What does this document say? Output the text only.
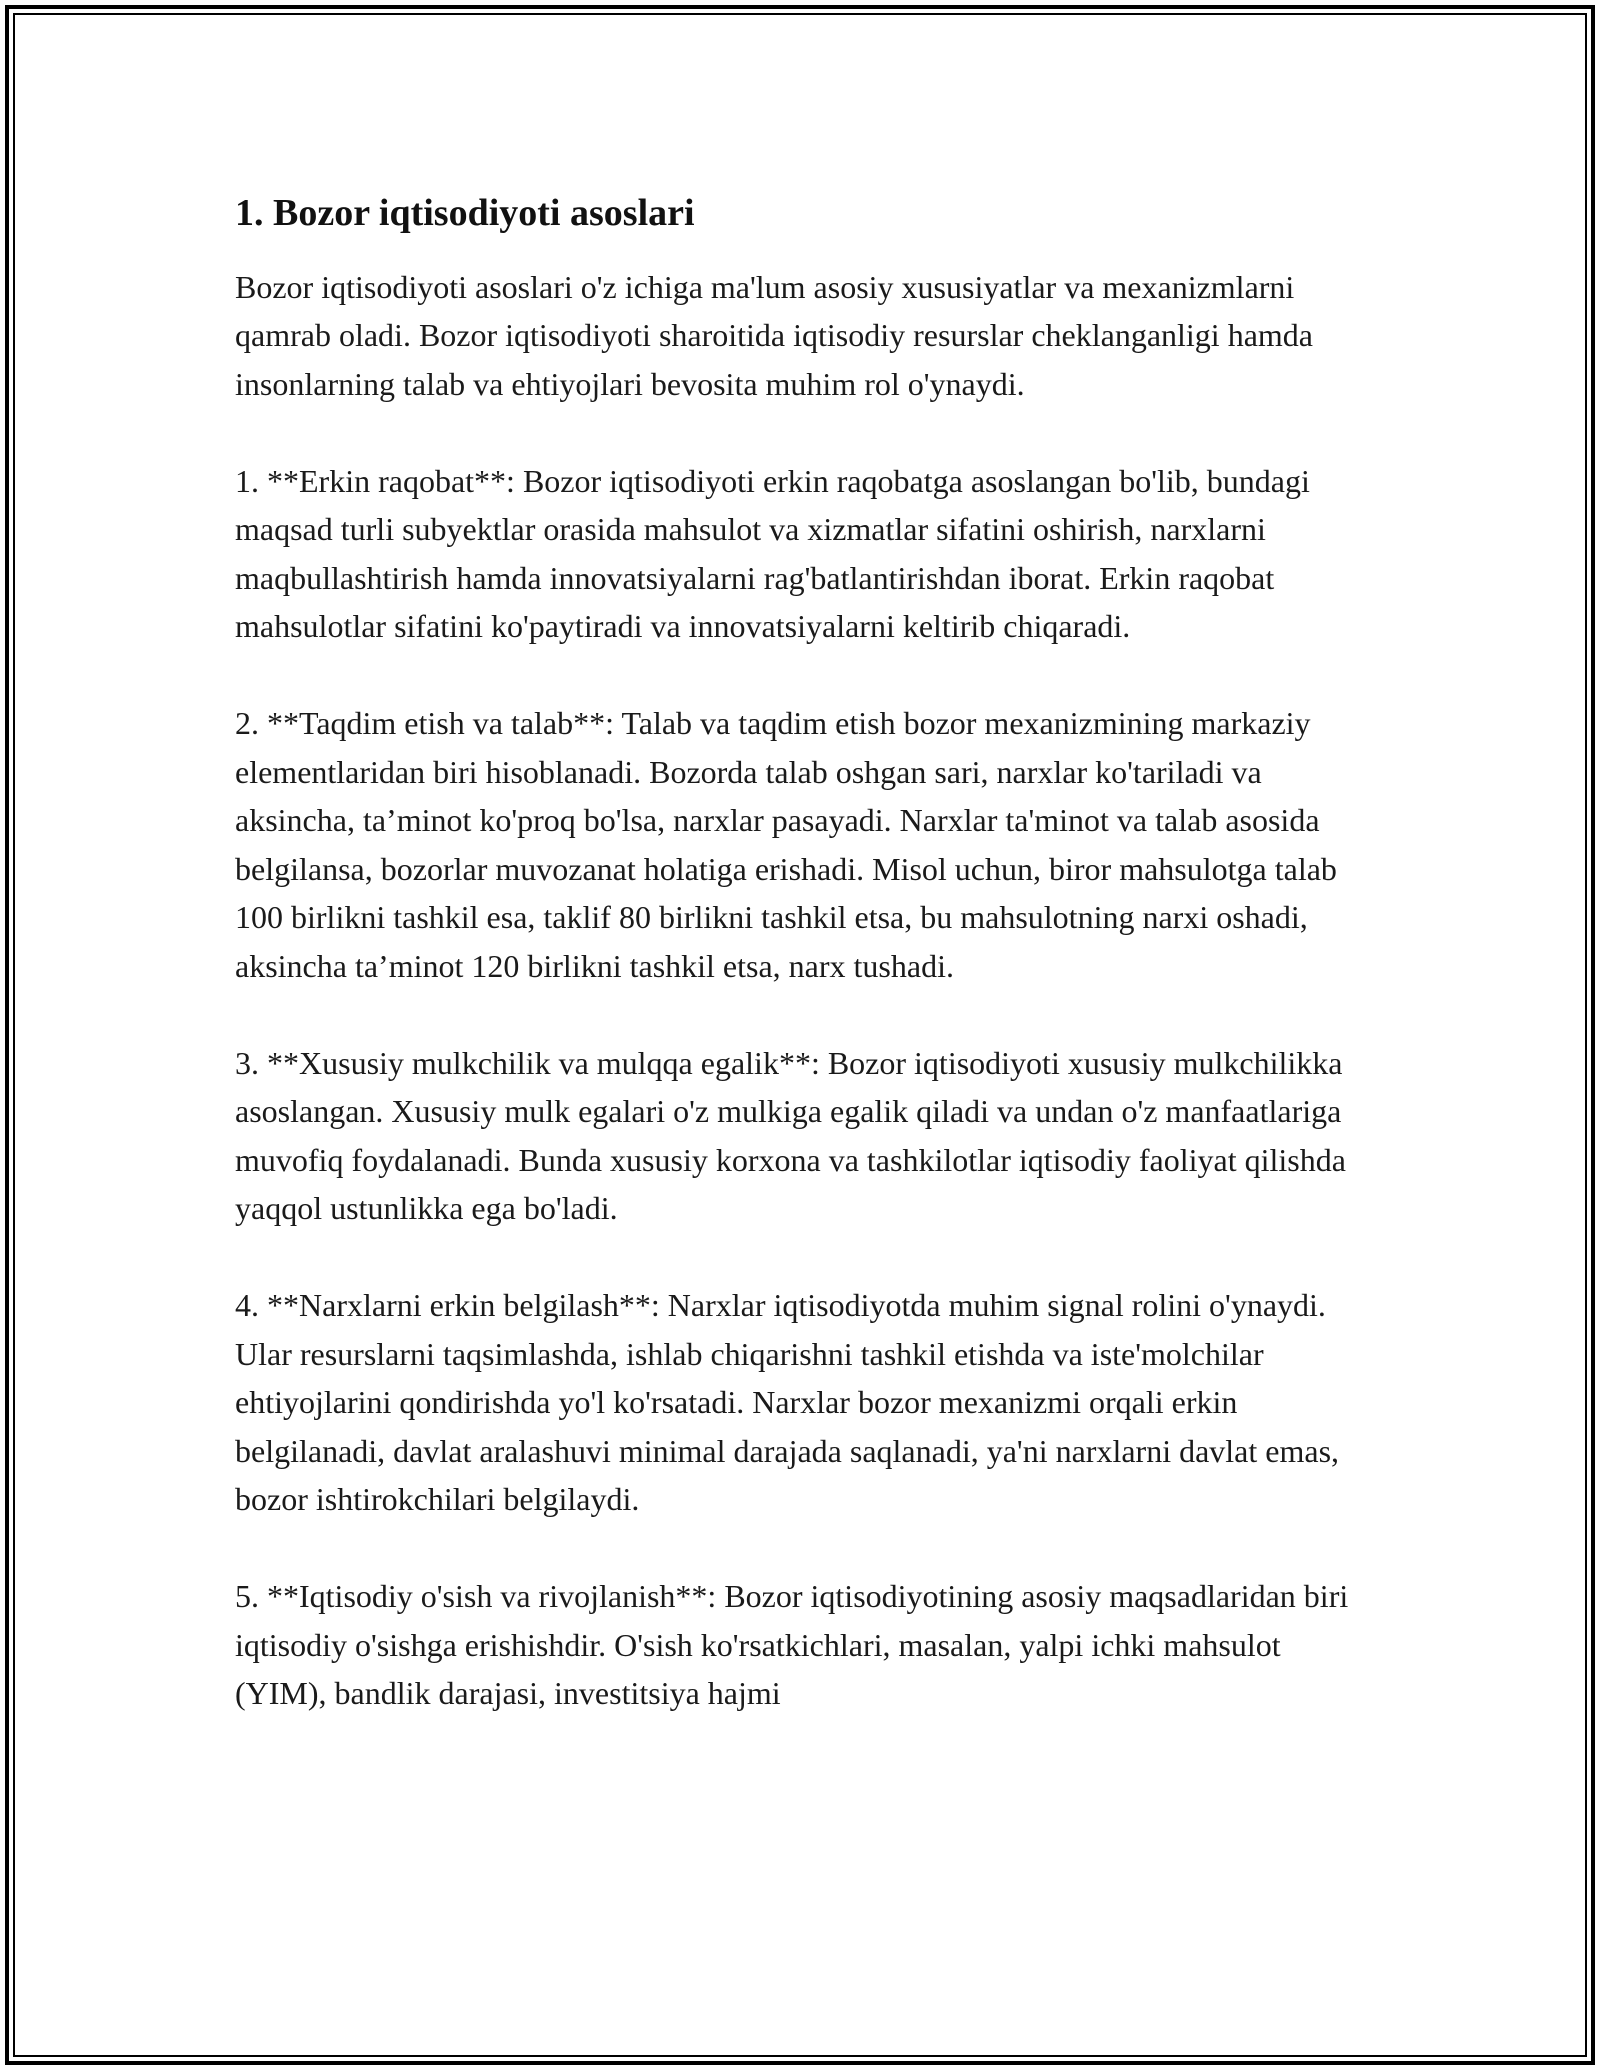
1. Bozor iqtisodiyoti asoslari

Bozor iqtisodiyoti asoslari o'z ichiga ma'lum asosiy xususiyatlar va mexanizmlarni qamrab oladi. Bozor iqtisodiyoti sharoitida iqtisodiy resurslar cheklanganligi hamda insonlarning talab va ehtiyojlari bevosita muhim rol o'ynaydi.

1. **Erkin raqobat**: Bozor iqtisodiyoti erkin raqobatga asoslangan bo'lib, bundagi maqsad turli subyektlar orasida mahsulot va xizmatlar sifatini oshirish, narxlarni maqbullashtirish hamda innovatsiyalarni rag'batlantirishdan iborat. Erkin raqobat mahsulotlar sifatini ko'paytiradi va innovatsiyalarni keltirib chiqaradi.

2. **Taqdim etish va talab**: Talab va taqdim etish bozor mexanizmining markaziy elementlaridan biri hisoblanadi. Bozorda talab oshgan sari, narxlar ko'tariladi va aksincha, ta’minot ko'proq bo'lsa, narxlar pasayadi. Narxlar ta'minot va talab asosida belgilansa, bozorlar muvozanat holatiga erishadi. Misol uchun, biror mahsulotga talab 100 birlikni tashkil esa, taklif 80 birlikni tashkil etsa, bu mahsulotning narxi oshadi, aksincha ta’minot 120 birlikni tashkil etsa, narx tushadi.

3. **Xususiy mulkchilik va mulqqa egalik**: Bozor iqtisodiyoti xususiy mulkchilikka asoslangan. Xususiy mulk egalari o'z mulkiga egalik qiladi va undan o'z manfaatlariga muvofiq foydalanadi. Bunda xususiy korxona va tashkilotlar iqtisodiy faoliyat qilishda yaqqol ustunlikka ega bo'ladi.

4. **Narxlarni erkin belgilash**: Narxlar iqtisodiyotda muhim signal rolini o'ynaydi. Ular resurslarni taqsimlashda, ishlab chiqarishni tashkil etishda va iste'molchilar ehtiyojlarini qondirishda yo'l ko'rsatadi. Narxlar bozor mexanizmi orqali erkin belgilanadi, davlat aralashuvi minimal darajada saqlanadi, ya'ni narxlarni davlat emas, bozor ishtirokchilari belgilaydi.

5. **Iqtisodiy o'sish va rivojlanish**: Bozor iqtisodiyotining asosiy maqsadlaridan biri iqtisodiy o'sishga erishishdir. O'sish ko'rsatkichlari, masalan, yalpi ichki mahsulot (YIM), bandlik darajasi, investitsiya hajmi
